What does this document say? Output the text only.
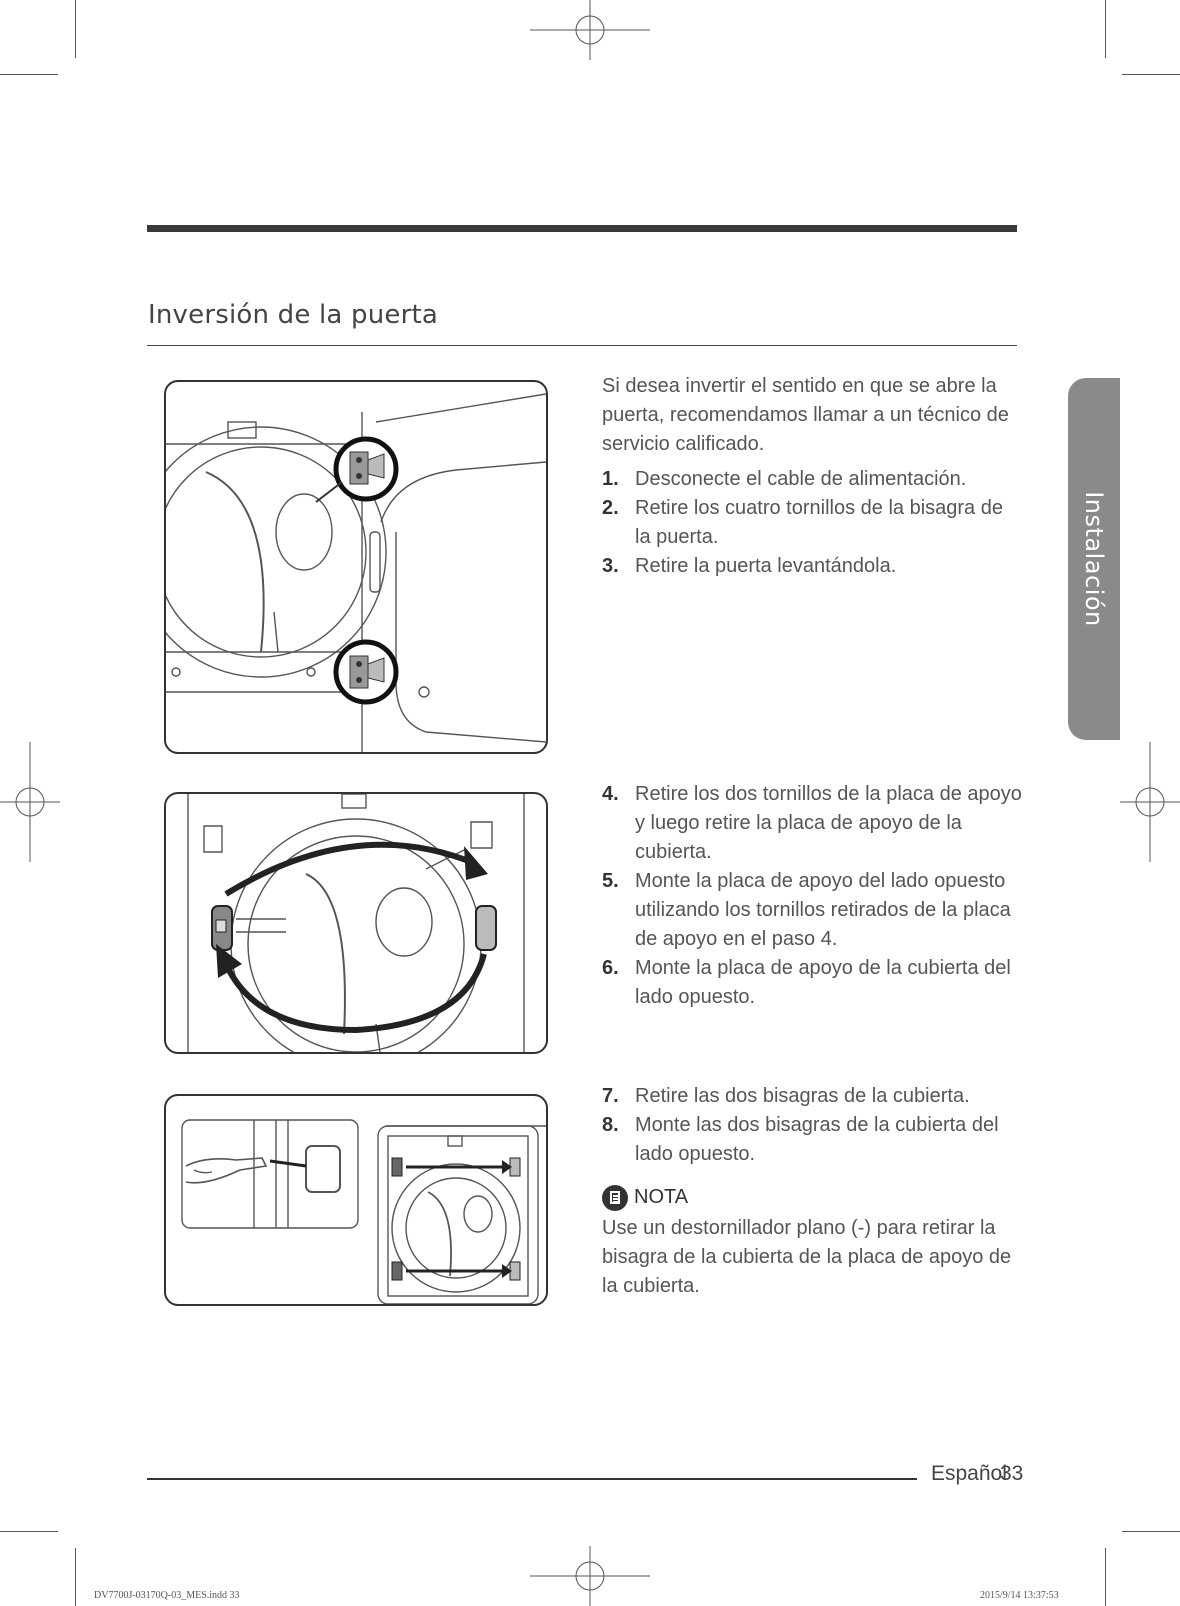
Inversión de la puerta
Instalación

Si desea invertir el sentido en que se abre la puerta, recomendamos llamar a un técnico de servicio calificado.

1. Desconecte el cable de alimentación.
2. Retire los cuatro tornillos de la bisagra de la puerta.
3. Retire la puerta levantándola.
4. Retire los dos tornillos de la placa de apoyo y luego retire la placa de apoyo de la cubierta.
5. Monte la placa de apoyo del lado opuesto utilizando los tornillos retirados de la placa de apoyo en el paso 4.
6. Monte la placa de apoyo de la cubierta del lado opuesto.
7. Retire las dos bisagras de la cubierta.
8. Monte las dos bisagras de la cubierta del lado opuesto.
NOTA

Use un destornillador plano (-) para retirar la bisagra de la cubierta de la placa de apoyo de la cubierta.

Español
33
DV7700J-03170Q-03_MES.indd 33	2015/9/14 13:37:53
